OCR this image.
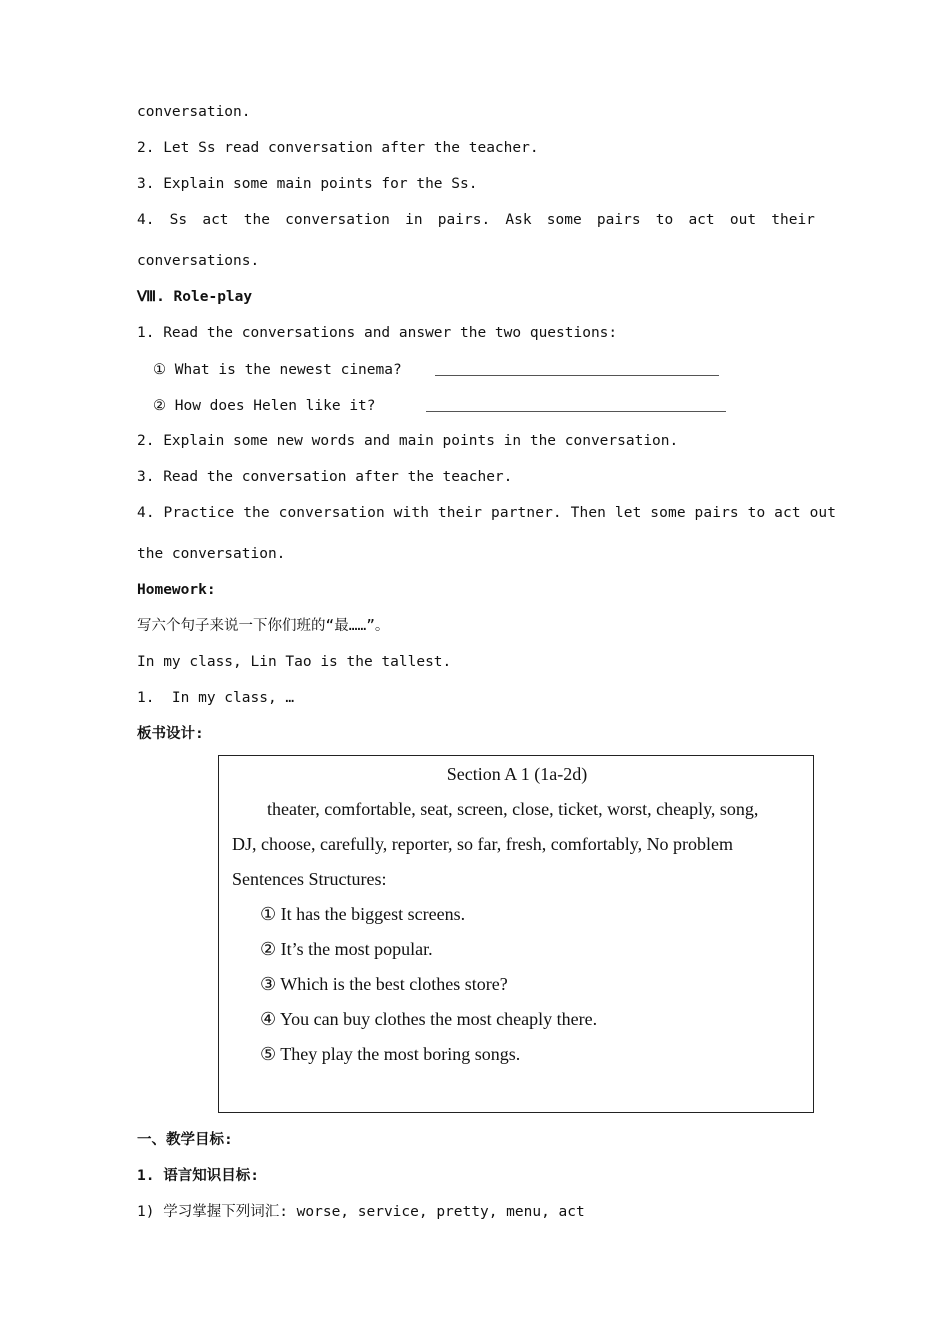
conversation.
2. Let Ss read conversation after the teacher.
3. Explain some main points for the Ss.
4. Ss act the conversation in pairs. Ask some pairs to act out their
conversations.
Ⅷ. Role-play
1. Read the conversations and answer the two questions:
① What is the newest cinema?
② How does Helen like it?
2. Explain some new words and main points in the conversation.
3. Read the conversation after the teacher.
4. Practice the conversation with their partner. Then let some pairs to act out
the conversation.
Homework:
写六个句子来说一下你们班的“最……”。
In my class, Lin Tao is the tallest.
1.  In my class, …
板书设计:
Section A 1 (1a-2d)
theater, comfortable, seat, screen, close, ticket, worst, cheaply, song,
DJ, choose, carefully, reporter, so far, fresh, comfortably, No problem
Sentences Structures:
① It has the biggest screens.
② It’s the most popular.
③ Which is the best clothes store?
④ You can buy clothes the most cheaply there.
⑤ They play the most boring songs.
一、教学目标:
1. 语言知识目标:
1) 学习掌握下列词汇: worse, service, pretty, menu, act
